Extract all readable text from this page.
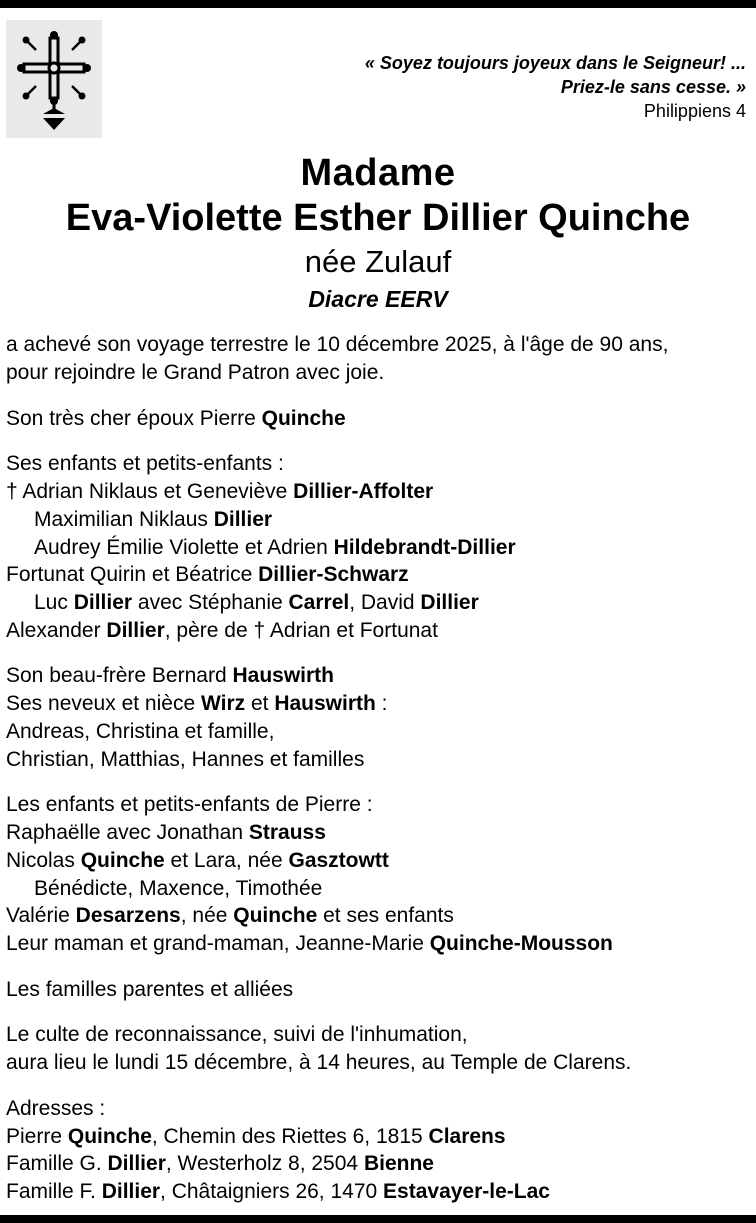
« Soyez toujours joyeux dans le Seigneur! ...
Priez-le sans cesse. »
Philippiens 4
Madame
Eva-Violette Esther Dillier Quinche
née Zulauf
Diacre EERV
a achevé son voyage terrestre le 10 décembre 2025, à l'âge de 90 ans,
pour rejoindre le Grand Patron avec joie.
Son très cher époux Pierre Quinche
Ses enfants et petits-enfants :
† Adrian Niklaus et Geneviève Dillier-Affolter
Maximilian Niklaus Dillier
Audrey Émilie Violette et Adrien Hildebrandt-Dillier
Fortunat Quirin et Béatrice Dillier-Schwarz
Luc Dillier avec Stéphanie Carrel, David Dillier
Alexander Dillier, père de † Adrian et Fortunat
Son beau-frère Bernard Hauswirth
Ses neveux et nièce Wirz et Hauswirth :
Andreas, Christina et famille,
Christian, Matthias, Hannes et familles
Les enfants et petits-enfants de Pierre :
Raphaëlle avec Jonathan Strauss
Nicolas Quinche et Lara, née Gasztowtt
Bénédicte, Maxence, Timothée
Valérie Desarzens, née Quinche et ses enfants
Leur maman et grand-maman, Jeanne-Marie Quinche-Mousson
Les familles parentes et alliées
Le culte de reconnaissance, suivi de l'inhumation,
aura lieu le lundi 15 décembre, à 14 heures, au Temple de Clarens.
Adresses :
Pierre Quinche, Chemin des Riettes 6, 1815 Clarens
Famille G. Dillier, Westerholz 8, 2504 Bienne
Famille F. Dillier, Châtaigniers 26, 1470 Estavayer-le-Lac
